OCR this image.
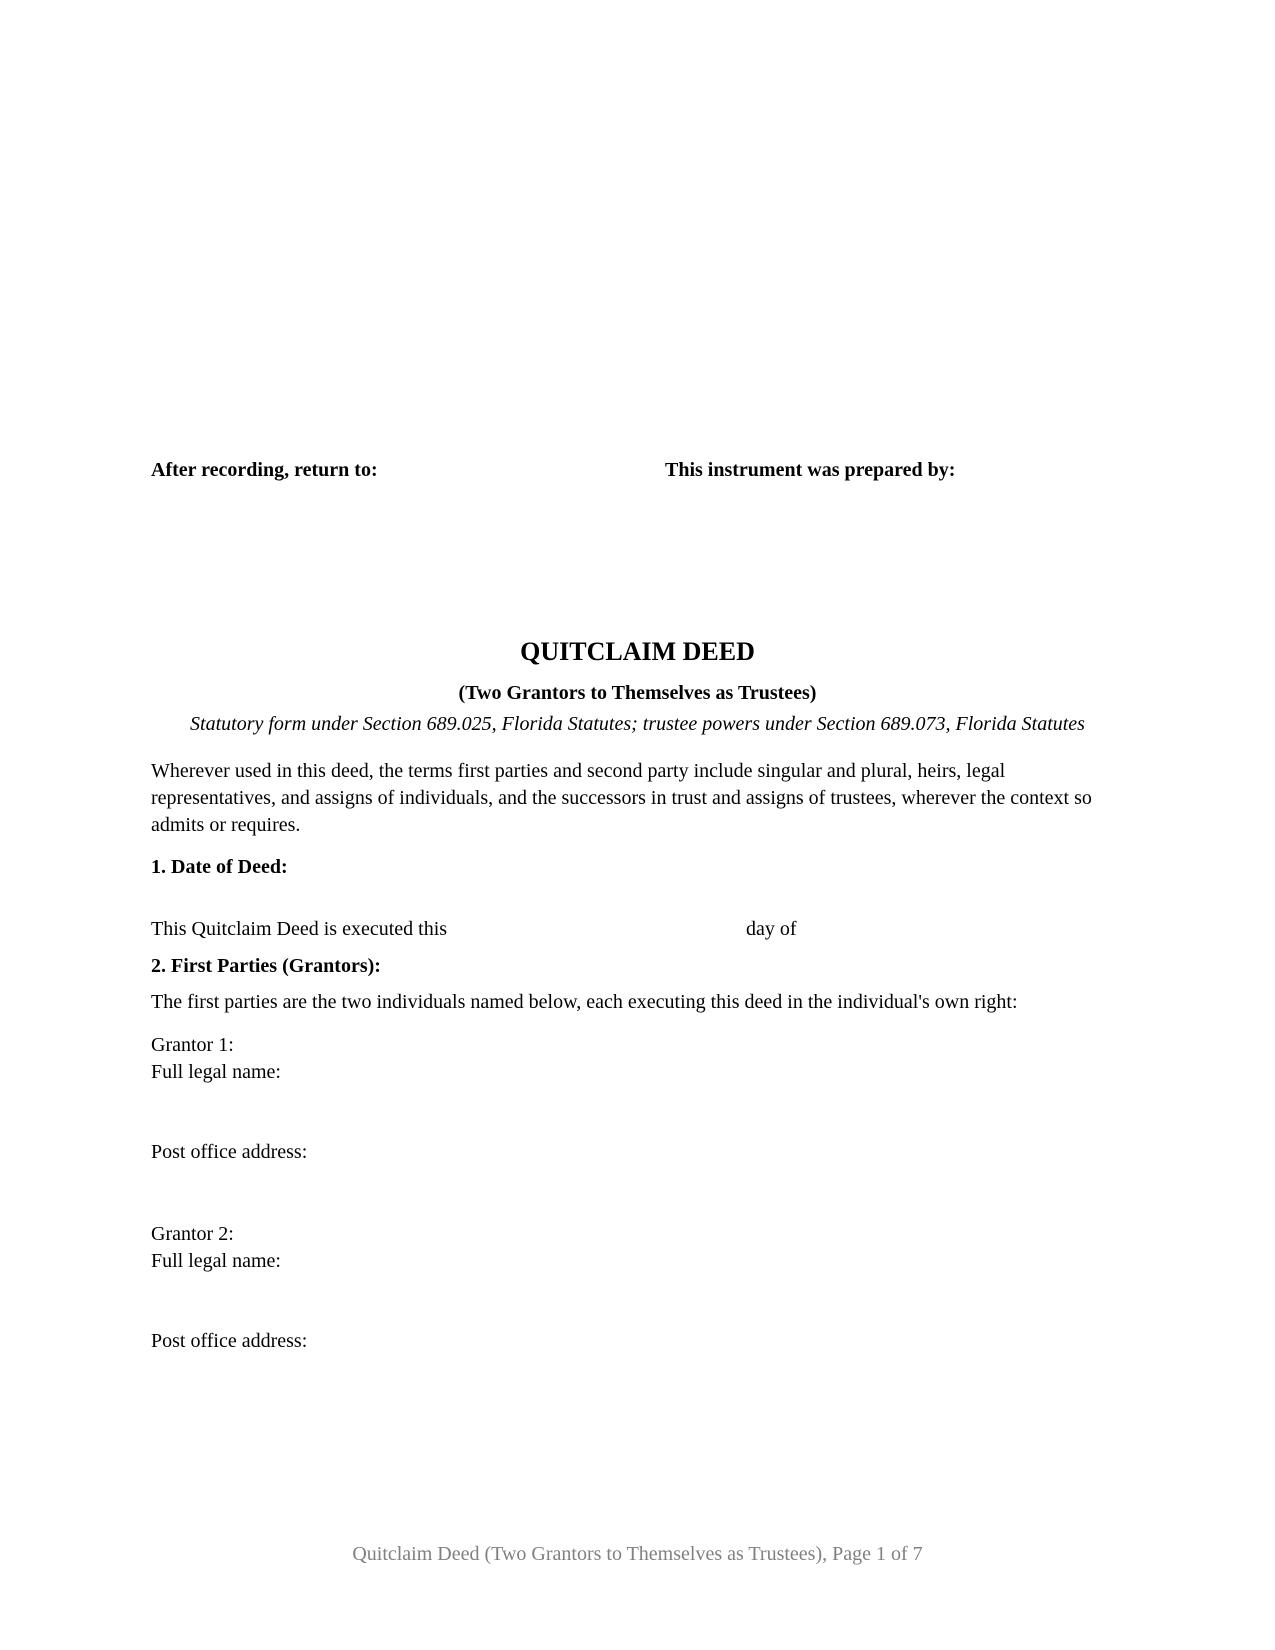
After recording, return to:	This instrument was prepared by:
QUITCLAIM DEED
(Two Grantors to Themselves as Trustees)
Statutory form under Section 689.025, Florida Statutes; trustee powers under Section 689.073, Florida Statutes
Wherever used in this deed, the terms first parties and second party include singular and plural, heirs, legal representatives, and assigns of individuals, and the successors in trust and assigns of trustees, wherever the context so admits or requires.
1. Date of Deed:
This Quitclaim Deed is executed this	day of
2. First Parties (Grantors):
The first parties are the two individuals named below, each executing this deed in the individual's own right:
Grantor 1:
Full legal name:
Post office address:
Grantor 2:
Full legal name:
Post office address:
Quitclaim Deed (Two Grantors to Themselves as Trustees), Page 1 of 7
